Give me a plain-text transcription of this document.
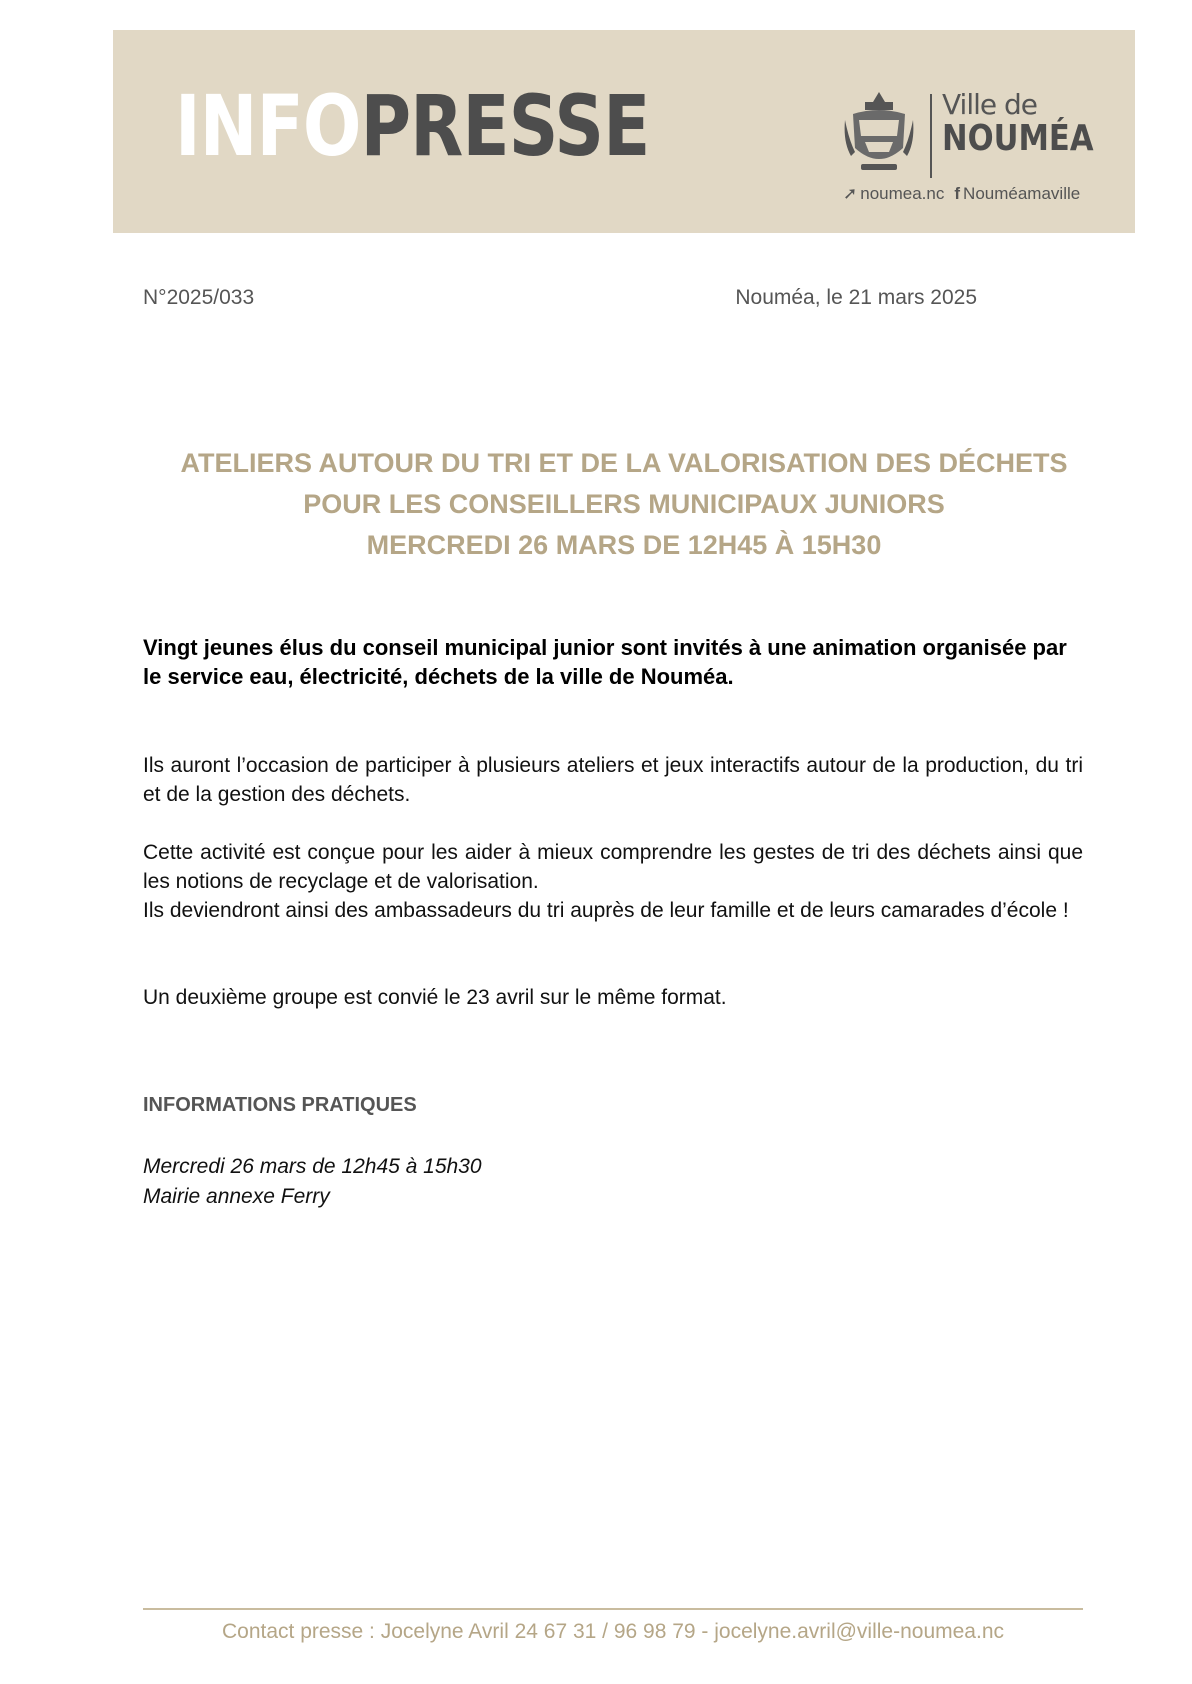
INFOPRESSE	Ville de
NOUMÉA
➚ noumea.nc f Nouméamaville
N°2025/033	Nouméa, le 21 mars 2025
ATELIERS AUTOUR DU TRI ET DE LA VALORISATION DES DÉCHETS
POUR LES CONSEILLERS MUNICIPAUX JUNIORS
MERCREDI 26 MARS DE 12H45 À 15H30
Vingt jeunes élus du conseil municipal junior sont invités à une animation organisée par le service eau, électricité, déchets de la ville de Nouméa.
Ils auront l’occasion de participer à plusieurs ateliers et jeux interactifs autour de la production, du tri et de la gestion des déchets.
Cette activité est conçue pour les aider à mieux comprendre les gestes de tri des déchets ainsi que les notions de recyclage et de valorisation.
Ils deviendront ainsi des ambassadeurs du tri auprès de leur famille et de leurs camarades d’école !
Un deuxième groupe est convié le 23 avril sur le même format.
INFORMATIONS PRATIQUES
Mercredi 26 mars de 12h45 à 15h30
Mairie annexe Ferry
Contact presse : Jocelyne Avril 24 67 31 / 96 98 79 - jocelyne.avril@ville-noumea.nc
